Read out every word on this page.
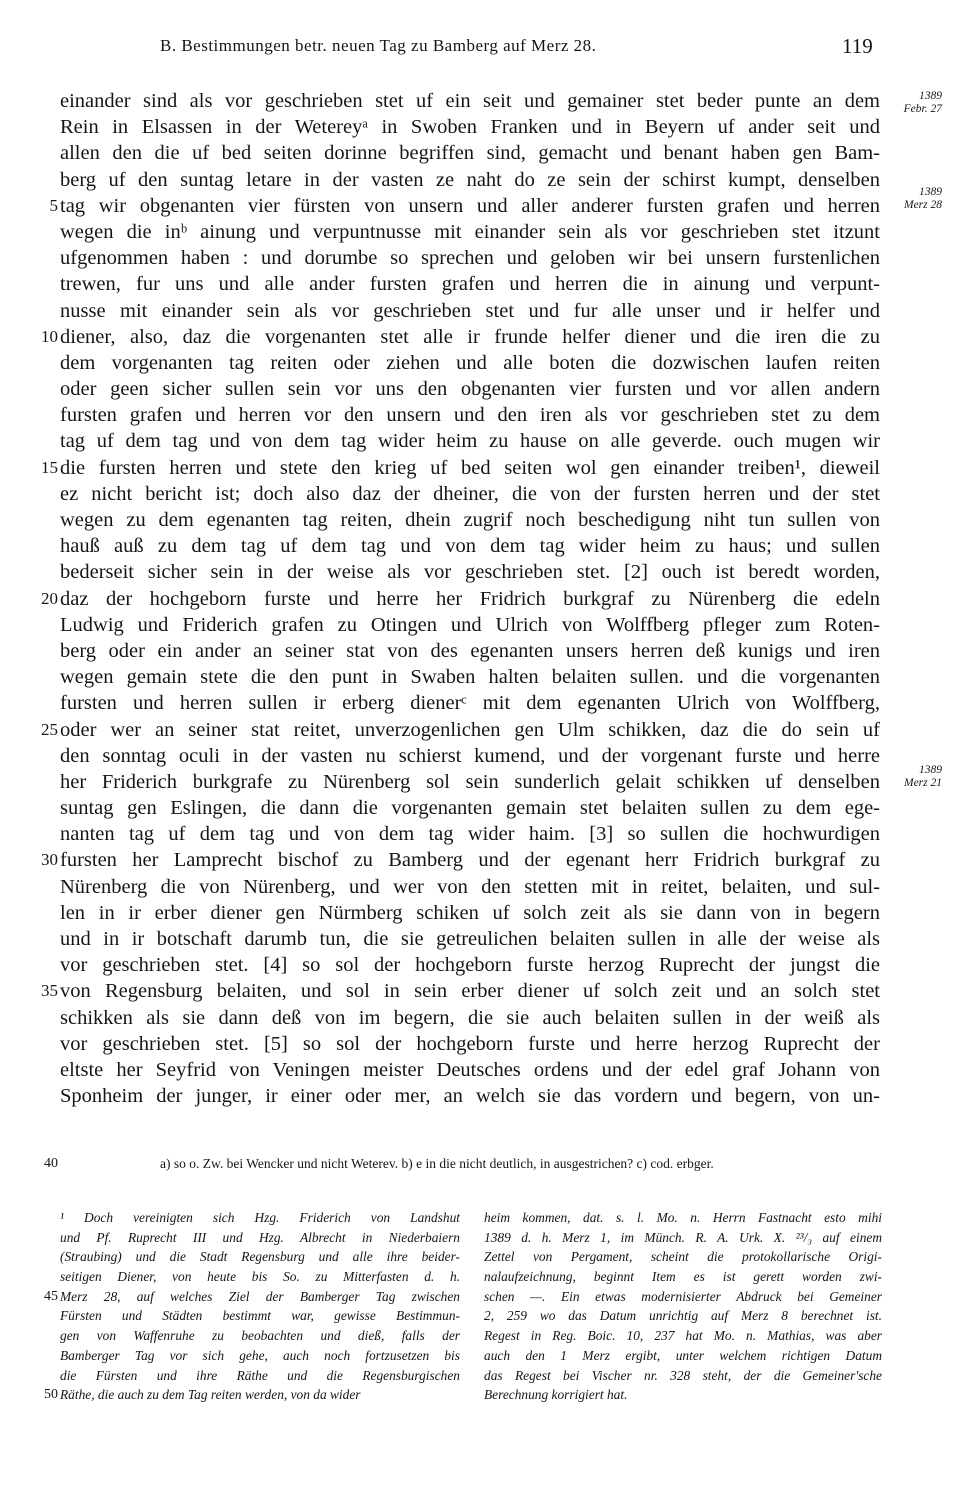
B. Bestimmungen betr. neuen Tag zu Bamberg auf Merz 28.	119
einander sind als vor geschrieben stet uf ein seit und gemainer stet beder punte an dem
Rein in Elsassen in der Wetereyᵃ in Swoben Franken und in Beyern uf ander seit und
allen den die uf bed seiten dorinne begriffen sind, gemacht und benant haben gen Bam-
berg uf den suntag letare in der vasten ze naht do ze sein der schirst kumpt, denselben
5 tag wir obgenanten vier fürsten von unsern und aller anderer fursten grafen und herren
wegen die inᵇ ainung und verpuntnusse mit einander sein als vor geschrieben stet itzunt
ufgenommen haben : und dorumbe so sprechen und geloben wir bei unsern furstenlichen
trewen, fur uns und alle ander fursten grafen und herren die in ainung und verpunt-
nusse mit einander sein als vor geschrieben stet und fur alle unser und ir helfer und
10 diener, also, daz die vorgenanten stet alle ir frunde helfer diener und die iren die zu
dem vorgenanten tag reiten oder ziehen und alle boten die dozwischen laufen reiten
oder geen sicher sullen sein vor uns den obgenanten vier fursten und vor allen andern
fursten grafen und herren vor den unsern und den iren als vor geschrieben stet zu dem
tag uf dem tag und von dem tag wider heim zu hause on alle geverde. ouch mugen wir
15 die fursten herren und stete den krieg uf bed seiten wol gen einander treiben¹, dieweil
ez nicht bericht ist; doch also daz der dheiner, die von der fursten herren und der stet
wegen zu dem egenanten tag reiten, dhein zugrif noch beschedigung niht tun sullen von
hauß auß zu dem tag uf dem tag und von dem tag wider heim zu haus; und sullen
bederseit sicher sein in der weise als vor geschrieben stet. [2] ouch ist beredt worden,
20 daz der hochgeborn furste und herre her Fridrich burkgraf zu Nürenberg die edeln
Ludwig und Friderich grafen zu Otingen und Ulrich von Wolffberg pfleger zum Roten-
berg oder ein ander an seiner stat von des egenanten unsers herren deß kunigs und iren
wegen gemain stete die den punt in Swaben halten belaiten sullen. und die vorgenanten
fursten und herren sullen ir erberg dienerᶜ mit dem egenanten Ulrich von Wolffberg,
25 oder wer an seiner stat reitet, unverzogenlichen gen Ulm schikken, daz die do sein uf
den sonntag oculi in der vasten nu schierst kumend, und der vorgenant furste und herre
her Friderich burkgrafe zu Nürenberg sol sein sunderlich gelait schikken uf denselben
suntag gen Eslingen, die dann die vorgenanten gemain stet belaiten sullen zu dem ege-
nanten tag uf dem tag und von dem tag wider haim. [3] so sullen die hochwurdigen
30 fursten her Lamprecht bischof zu Bamberg und der egenant herr Fridrich burkgraf zu
Nürenberg die von Nürenberg, und wer von den stetten mit in reitet, belaiten, und sul-
len in ir erber diener gen Nürmberg schiken uf solch zeit als sie dann von in begern
und in ir botschaft darumb tun, die sie getreulichen belaiten sullen in alle der weise als
vor geschrieben stet. [4] so sol der hochgeborn furste herzog Ruprecht der jungst die
35 von Regensburg belaiten, und sol in sein erber diener uf solch zeit und an solch stet
schikken als sie dann deß von im begern, die sie auch belaiten sullen in der weiß als
vor geschrieben stet. [5] so sol der hochgeborn furste und herre herzog Ruprecht der
eltste her Seyfrid von Veningen meister Deutsches ordens und der edel graf Johann von
Sponheim der junger, ir einer oder mer, an welch sie das vordern und begern, von un-
1389
Febr. 27
1389
Merz 28
1389
Merz 21
40	a) so o. Zw. bei Wencker und nicht Weterev. b) e in die nicht deutlich, in ausgestrichen? c) cod. erbger.
¹ Doch vereinigten sich Hzg. Friderich von Landshut
und Pf. Ruprecht III und Hzg. Albrecht in Niederbaiern
(Straubing) und die Stadt Regensburg und alle ihre beider-
seitigen Diener, von heute bis So. zu Mitterfasten d. h.
45 Merz 28, auf welches Ziel der Bamberger Tag zwischen
Fürsten und Städten bestimmt war, gewisse Bestimmun-
gen von Waffenruhe zu beobachten und dieß, falls der
Bamberger Tag vor sich gehe, auch noch fortzusetzen bis
die Fürsten und ihre Räthe und die Regensburgischen
50 Räthe, die auch zu dem Tag reiten werden, von da wider
heim kommen, dat. s. l. Mo. n. Herrn Fastnacht esto mihi
1389 d. h. Merz 1, im Münch. R. A. Urk. X. ²³/₃ auf einem
Zettel von Pergament, scheint die protokollarische Origi-
nalaufzeichnung, beginnt Item es ist gerett worden zwi-
schen —. Ein etwas modernisierter Abdruck bei Gemeiner
2, 259 wo das Datum unrichtig auf Merz 8 berechnet ist.
Regest in Reg. Boic. 10, 237 hat Mo. n. Mathias, was aber
auch den 1 Merz ergibt, unter welchem richtigen Datum
das Regest bei Vischer nr. 328 steht, der die Gemeiner'sche
Berechnung korrigiert hat.
